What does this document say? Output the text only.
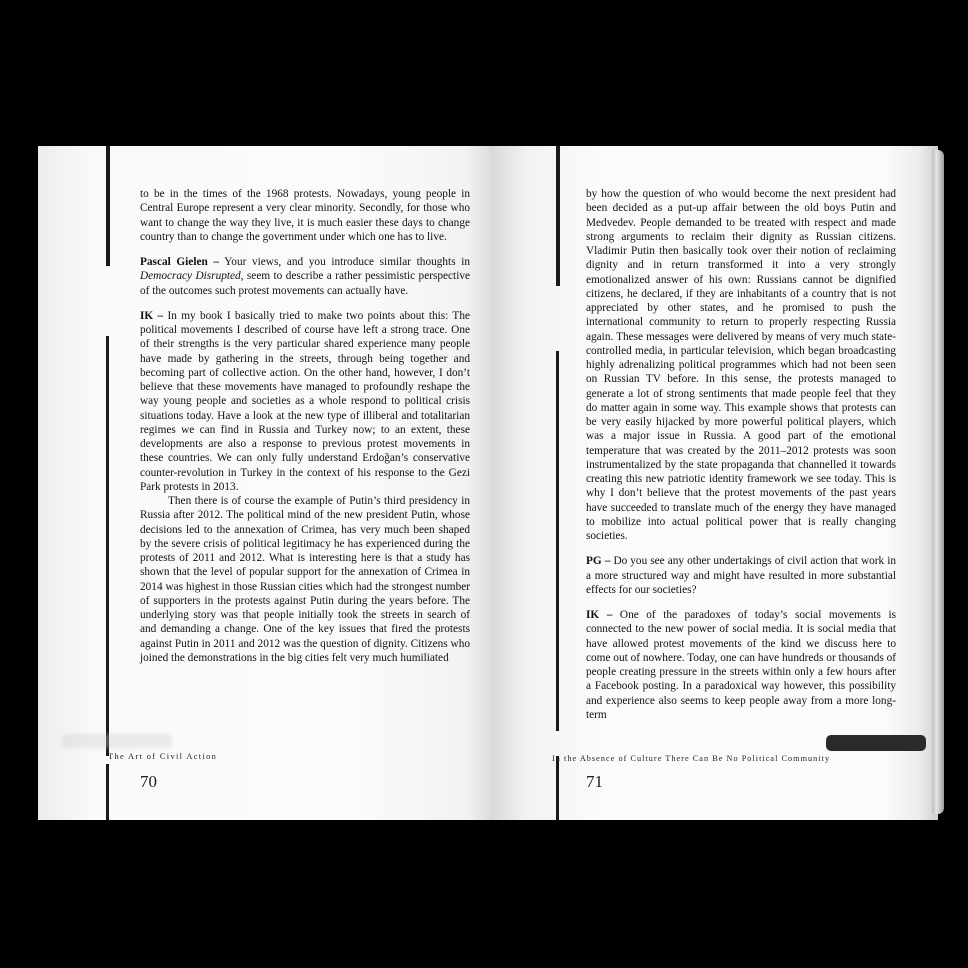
to be in the times of the 1968 protests. Nowadays, young people in Central Europe represent a very clear minority. Secondly, for those who want to change the way they live, it is much easier these days to change country than to change the government under which one has to live.

Pascal Gielen – Your views, and you introduce similar thoughts in Democracy Disrupted, seem to describe a rather pessimistic perspective of the outcomes such protest movements can actually have.

IK – In my book I basically tried to make two points about this: The political movements I described of course have left a strong trace. One of their strengths is the very particular shared experience many people have made by gathering in the streets, through being together and becoming part of collective action. On the other hand, however, I don’t believe that these movements have managed to profoundly reshape the way young people and societies as a whole respond to political crisis situations today. Have a look at the new type of illiberal and totalitarian regimes we can find in Russia and Turkey now; to an extent, these developments are also a response to previous protest movements in these countries. We can only fully understand Erdoğan’s conservative counter-revolution in Turkey in the context of his response to the Gezi Park protests in 2013.

Then there is of course the example of Putin’s third presidency in Russia after 2012. The political mind of the new president Putin, whose decisions led to the annexation of Crimea, has very much been shaped by the severe crisis of political legitimacy he has experienced during the protests of 2011 and 2012. What is interesting here is that a study has shown that the level of popular support for the annexation of Crimea in 2014 was highest in those Russian cities which had the strongest number of supporters in the protests against Putin during the years before. The underlying story was that people initially took the streets in search of and demanding a change. One of the key issues that fired the protests against Putin in 2011 and 2012 was the question of dignity. Citizens who joined the demonstrations in the big cities felt very much humiliated

The Art of Civil Action
70

by how the question of who would become the next president had been decided as a put-up affair between the old boys Putin and Medvedev. People demanded to be treated with respect and made strong arguments to reclaim their dignity as Russian citizens. Vladimir Putin then basically took over their notion of reclaiming dignity and in return transformed it into a very strongly emotionalized answer of his own: Russians cannot be dignified citizens, he declared, if they are inhabitants of a country that is not appreciated by other states, and he promised to push the international community to return to properly respecting Russia again. These messages were delivered by means of very much state-controlled media, in particular television, which began broadcasting highly adrenalizing political programmes which had not been seen on Russian TV before. In this sense, the protests managed to generate a lot of strong sentiments that made people feel that they do matter again in some way. This example shows that protests can be very easily hijacked by more powerful political players, which was a major issue in Russia. A good part of the emotional temperature that was created by the 2011–2012 protests was soon instrumentalized by the state propaganda that channelled it towards creating this new patriotic identity framework we see today. This is why I don’t believe that the protest movements of the past years have succeeded to translate much of the energy they have managed to mobilize into actual political power that is really changing societies.

PG – Do you see any other undertakings of civil action that work in a more structured way and might have resulted in more substantial effects for our societies?

IK – One of the paradoxes of today’s social movements is connected to the new power of social media. It is social media that have allowed protest movements of the kind we discuss here to come out of nowhere. Today, one can have hundreds or thousands of people creating pressure in the streets within only a few hours after a Facebook posting. In a paradoxical way however, this possibility and experience also seems to keep people away from a more long-term

In the Absence of Culture There Can Be No Political Community
71
